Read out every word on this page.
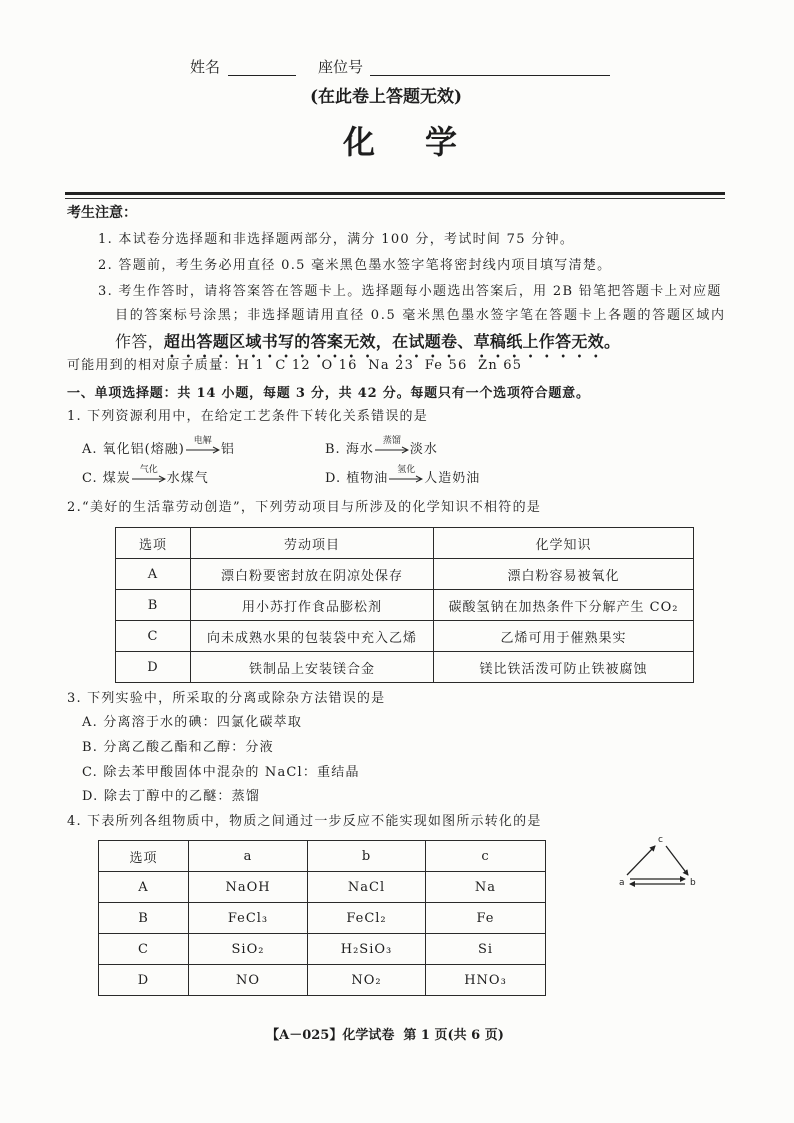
姓名	座位号
(在此卷上答题无效)
化学
考生注意：
1. 本试卷分选择题和非选择题两部分，满分 100 分，考试时间 75 分钟。
2. 答题前，考生务必用直径 0.5 毫米黑色墨水签字笔将密封线内项目填写清楚。
3. 考生作答时，请将答案答在答题卡上。选择题每小题选出答案后，用 2B 铅笔把答题卡上对应题
目的答案标号涂黑；非选择题请用直径 0.5 毫米黑色墨水签字笔在答题卡上各题的答题区域内
作答，超出答题区域书写的答案无效，在试题卷、草稿纸上作答无效。
可能用到的相对原子质量：H 1  C 12  O 16  Na 23  Fe 56  Zn 65
一、单项选择题：共 14 小题，每题 3 分，共 42 分。每题只有一个选项符合题意。
1. 下列资源利用中，在给定工艺条件下转化关系错误的是
A. 氧化铝(熔融)
电解
铝	B. 海水
蒸馏
淡水
C. 煤炭
气化
水煤气	D. 植物油
氢化
人造奶油
2.“美好的生活靠劳动创造”，下列劳动项目与所涉及的化学知识不相符的是
选项	劳动项目	化学知识
A	漂白粉要密封放在阴凉处保存	漂白粉容易被氧化
B	用小苏打作食品膨松剂	碳酸氢钠在加热条件下分解产生 CO₂
C	向未成熟水果的包装袋中充入乙烯	乙烯可用于催熟果实
D	铁制品上安装镁合金	镁比铁活泼可防止铁被腐蚀
3. 下列实验中，所采取的分离或除杂方法错误的是
A. 分离溶于水的碘：四氯化碳萃取
B. 分离乙酸乙酯和乙醇：分液
C. 除去苯甲酸固体中混杂的 NaCl：重结晶
D. 除去丁醇中的乙醚：蒸馏
4. 下表所列各组物质中，物质之间通过一步反应不能实现如图所示转化的是
选项	a	b	c
A	NaOH	NaCl	Na
B	FeCl₃	FeCl₂	Fe
C	SiO₂	H₂SiO₃	Si
D	NO	NO₂	HNO₃
c
a	b
【A－025】化学试卷  第 1 页(共 6 页)
